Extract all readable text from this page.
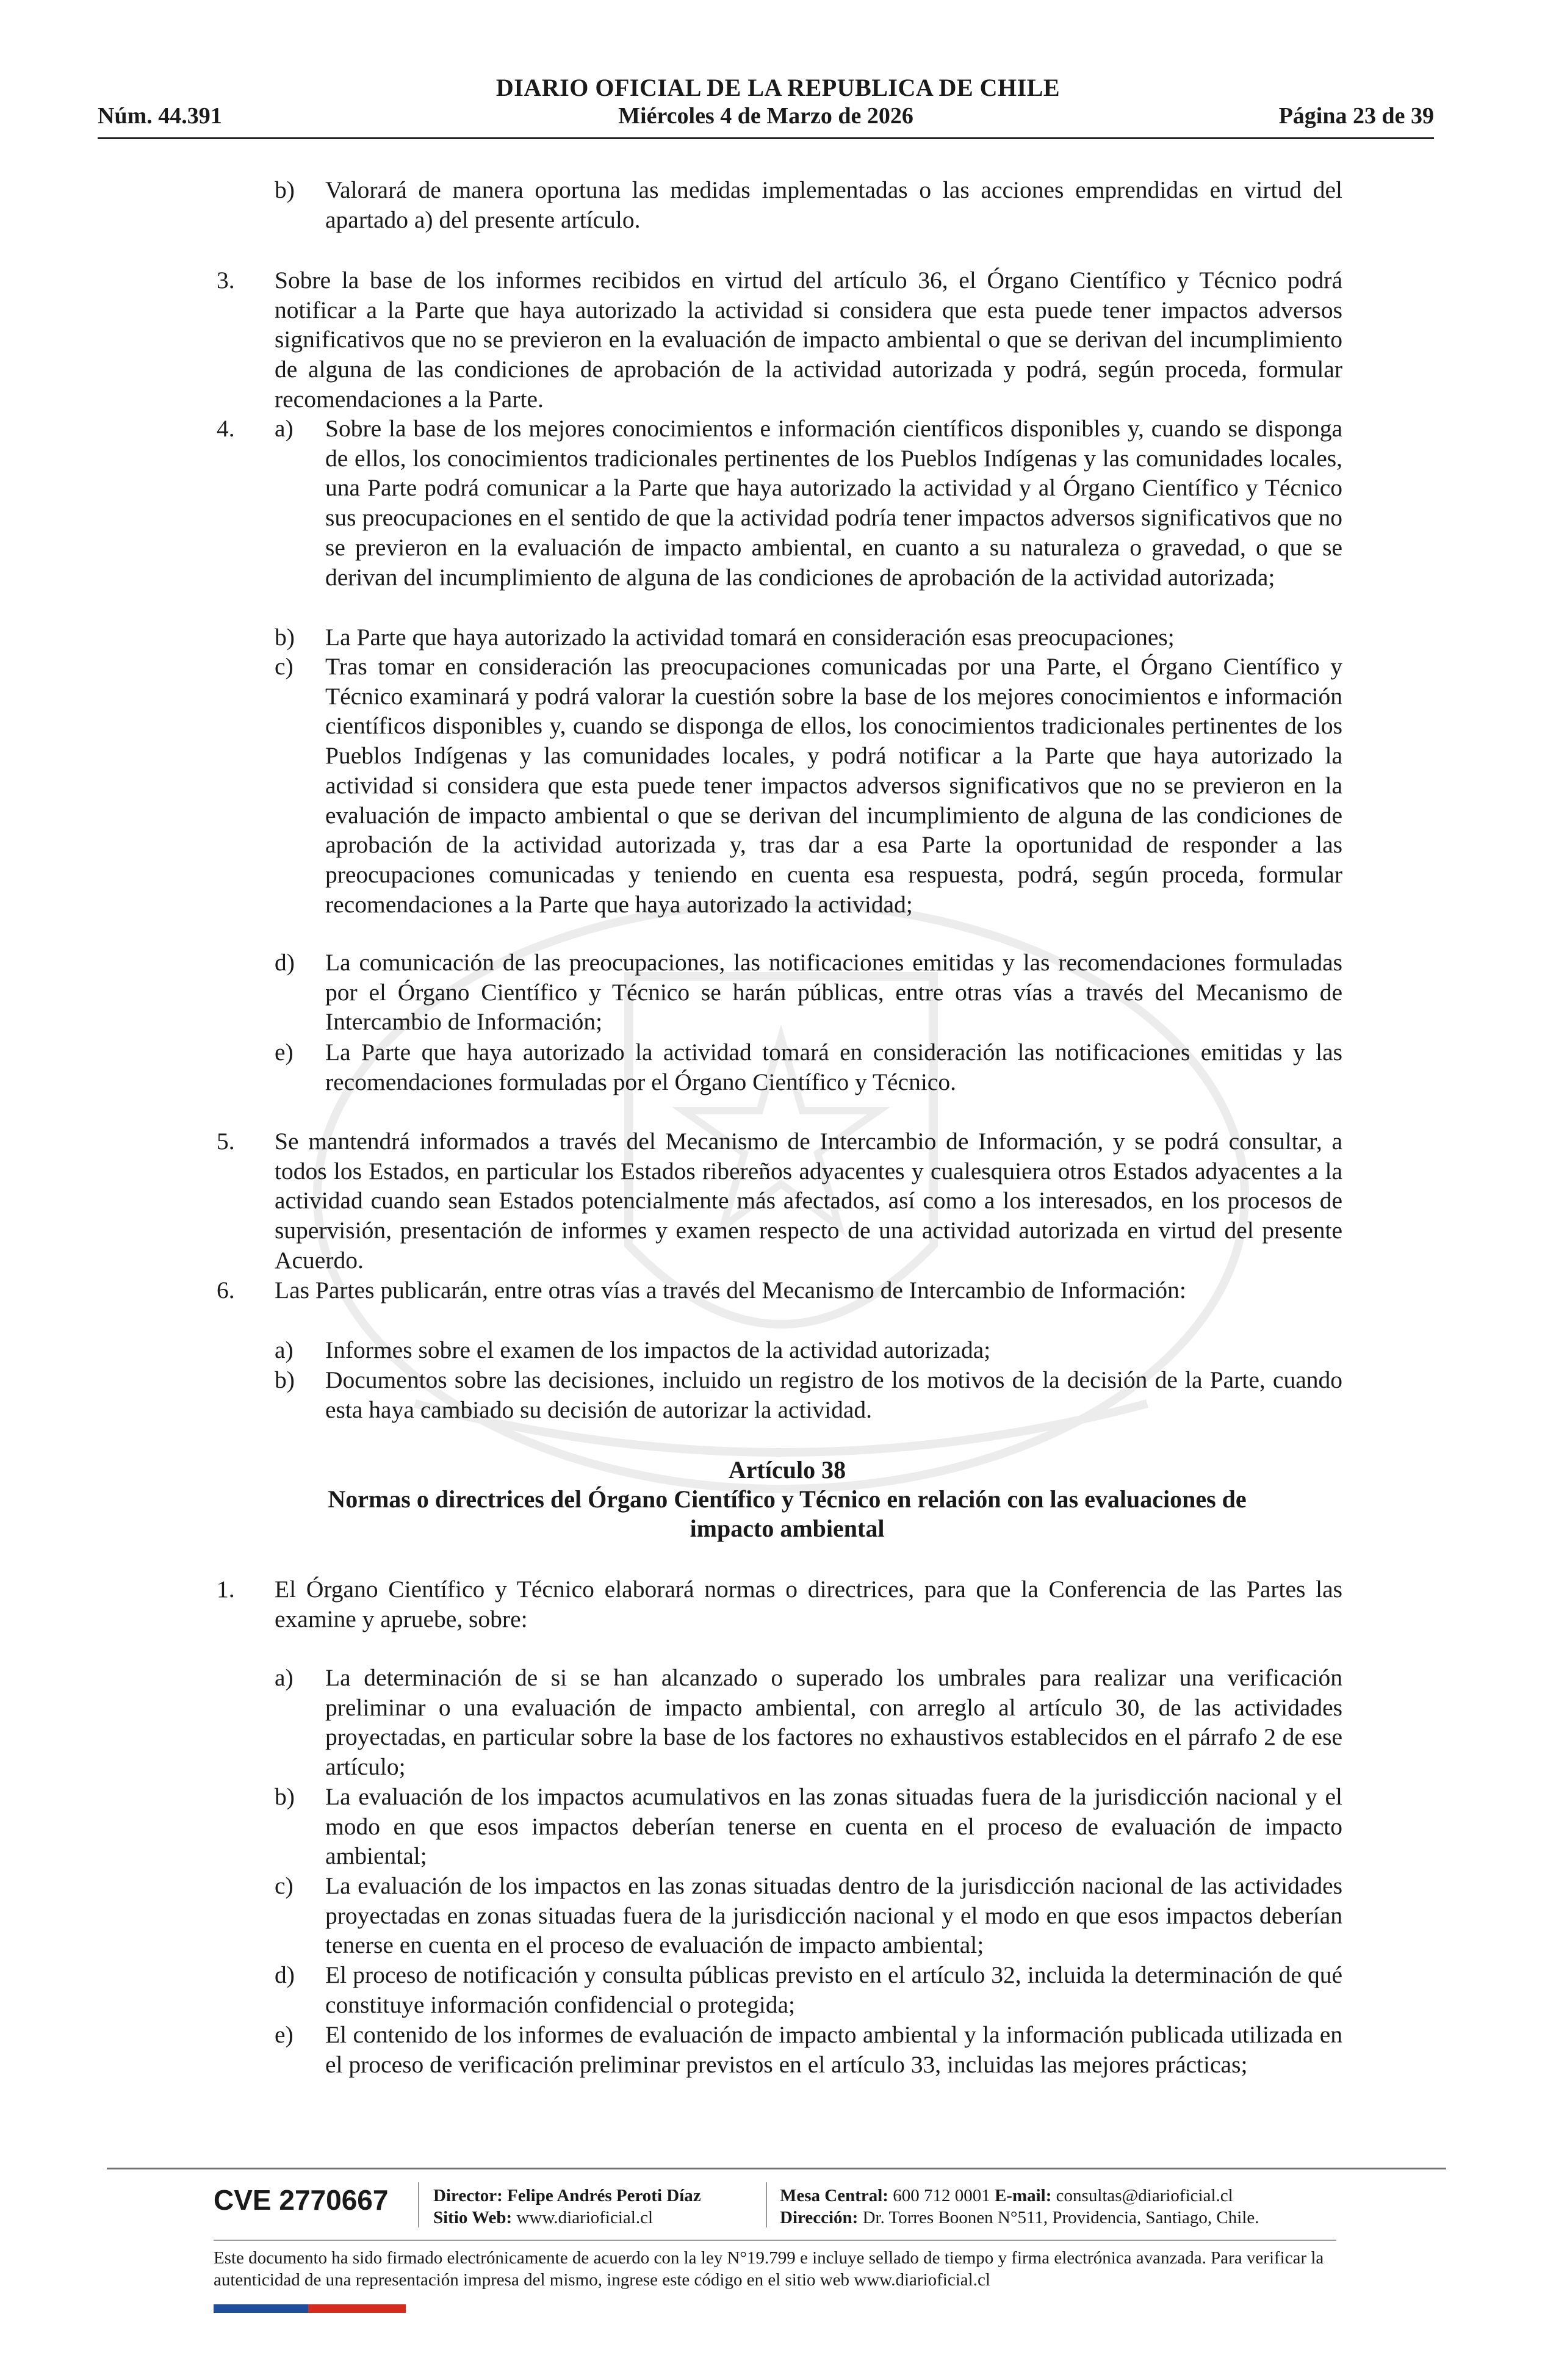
DIARIO OFICIAL DE LA REPUBLICA DE CHILE
Miércoles 4 de Marzo de 2026
Núm. 44.391	Página 23 de 39
b) Valorará de manera oportuna las medidas implementadas o las acciones emprendidas en virtud del apartado a) del presente artículo.
3. Sobre la base de los informes recibidos en virtud del artículo 36, el Órgano Científico y Técnico podrá notificar a la Parte que haya autorizado la actividad si considera que esta puede tener impactos adversos significativos que no se previeron en la evaluación de impacto ambiental o que se derivan del incumplimiento de alguna de las condiciones de aprobación de la actividad autorizada y podrá, según proceda, formular recomendaciones a la Parte.
4. a) Sobre la base de los mejores conocimientos e información científicos disponibles y, cuando se disponga de ellos, los conocimientos tradicionales pertinentes de los Pueblos Indígenas y las comunidades locales, una Parte podrá comunicar a la Parte que haya autorizado la actividad y al Órgano Científico y Técnico sus preocupaciones en el sentido de que la actividad podría tener impactos adversos significativos que no se previeron en la evaluación de impacto ambiental, en cuanto a su naturaleza o gravedad, o que se derivan del incumplimiento de alguna de las condiciones de aprobación de la actividad autorizada;
b) La Parte que haya autorizado la actividad tomará en consideración esas preocupaciones;
c) Tras tomar en consideración las preocupaciones comunicadas por una Parte, el Órgano Científico y Técnico examinará y podrá valorar la cuestión sobre la base de los mejores conocimientos e información científicos disponibles y, cuando se disponga de ellos, los conocimientos tradicionales pertinentes de los Pueblos Indígenas y las comunidades locales, y podrá notificar a la Parte que haya autorizado la actividad si considera que esta puede tener impactos adversos significativos que no se previeron en la evaluación de impacto ambiental o que se derivan del incumplimiento de alguna de las condiciones de aprobación de la actividad autorizada y, tras dar a esa Parte la oportunidad de responder a las preocupaciones comunicadas y teniendo en cuenta esa respuesta, podrá, según proceda, formular recomendaciones a la Parte que haya autorizado la actividad;
d) La comunicación de las preocupaciones, las notificaciones emitidas y las recomendaciones formuladas por el Órgano Científico y Técnico se harán públicas, entre otras vías a través del Mecanismo de Intercambio de Información;
e) La Parte que haya autorizado la actividad tomará en consideración las notificaciones emitidas y las recomendaciones formuladas por el Órgano Científico y Técnico.
5. Se mantendrá informados a través del Mecanismo de Intercambio de Información, y se podrá consultar, a todos los Estados, en particular los Estados ribereños adyacentes y cualesquiera otros Estados adyacentes a la actividad cuando sean Estados potencialmente más afectados, así como a los interesados, en los procesos de supervisión, presentación de informes y examen respecto de una actividad autorizada en virtud del presente Acuerdo.
6. Las Partes publicarán, entre otras vías a través del Mecanismo de Intercambio de Información:
a) Informes sobre el examen de los impactos de la actividad autorizada;
b) Documentos sobre las decisiones, incluido un registro de los motivos de la decisión de la Parte, cuando esta haya cambiado su decisión de autorizar la actividad.
Artículo 38
Normas o directrices del Órgano Científico y Técnico en relación con las evaluaciones de
impacto ambiental
1. El Órgano Científico y Técnico elaborará normas o directrices, para que la Conferencia de las Partes las examine y apruebe, sobre:
a) La determinación de si se han alcanzado o superado los umbrales para realizar una verificación preliminar o una evaluación de impacto ambiental, con arreglo al artículo 30, de las actividades proyectadas, en particular sobre la base de los factores no exhaustivos establecidos en el párrafo 2 de ese artículo;
b) La evaluación de los impactos acumulativos en las zonas situadas fuera de la jurisdicción nacional y el modo en que esos impactos deberían tenerse en cuenta en el proceso de evaluación de impacto ambiental;
c) La evaluación de los impactos en las zonas situadas dentro de la jurisdicción nacional de las actividades proyectadas en zonas situadas fuera de la jurisdicción nacional y el modo en que esos impactos deberían tenerse en cuenta en el proceso de evaluación de impacto ambiental;
d) El proceso de notificación y consulta públicas previsto en el artículo 32, incluida la determinación de qué constituye información confidencial o protegida;
e) El contenido de los informes de evaluación de impacto ambiental y la información publicada utilizada en el proceso de verificación preliminar previstos en el artículo 33, incluidas las mejores prácticas;
CVE 2770667	Director: Felipe Andrés Peroti Díaz
Sitio Web: www.diarioficial.cl
Mesa Central: 600 712 0001 E-mail: consultas@diarioficial.cl
Dirección: Dr. Torres Boonen N°511, Providencia, Santiago, Chile.
Este documento ha sido firmado electrónicamente de acuerdo con la ley N°19.799 e incluye sellado de tiempo y firma electrónica avanzada. Para verificar la autenticidad de una representación impresa del mismo, ingrese este código en el sitio web www.diarioficial.cl
